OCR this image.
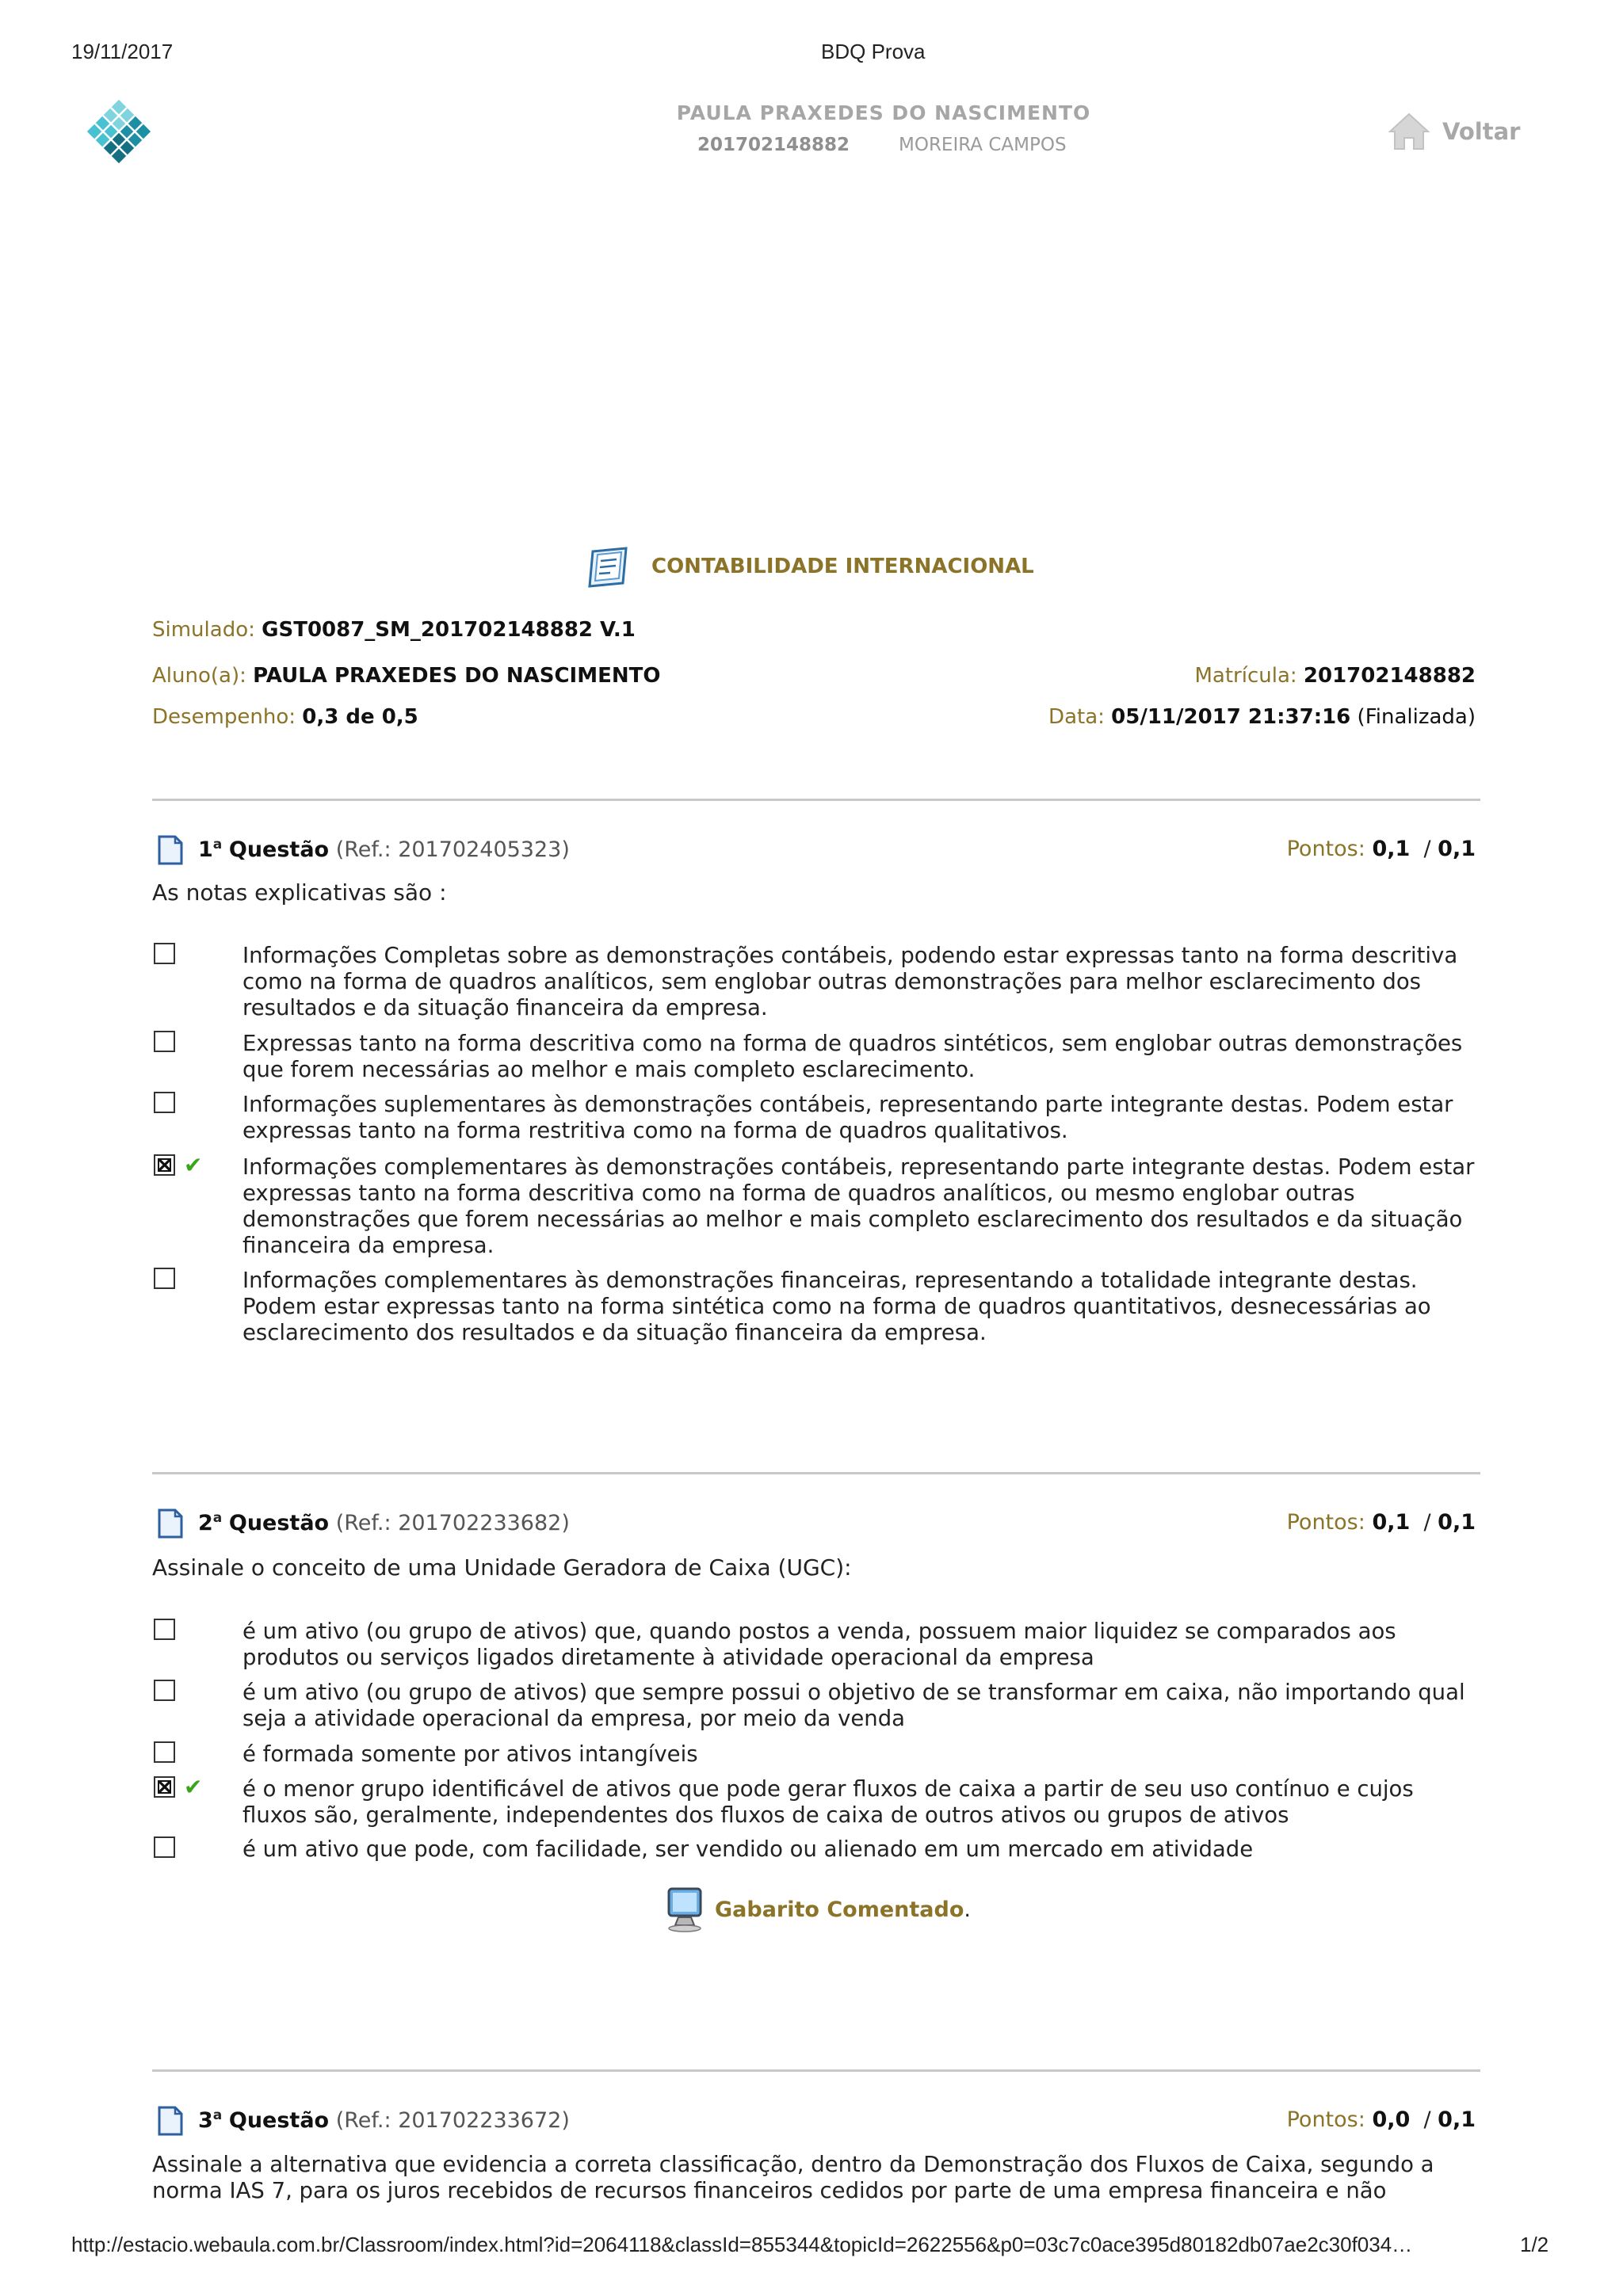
19/11/2017	BDQ Prova
PAULA PRAXEDES DO NASCIMENTO
201702148882	MOREIRA CAMPOS	Voltar
CONTABILIDADE INTERNACIONAL
Simulado: GST0087_SM_201702148882 V.1
Aluno(a): PAULA PRAXEDES DO NASCIMENTO	Matrícula: 201702148882
Desempenho: 0,3 de 0,5	Data: 05/11/2017 21:37:16 (Finalizada)
1$^a$ Questão (Ref.: 201702405323)	Pontos: 0,1 / 0,1
As notas explicativas são :
Informações Completas sobre as demonstrações contábeis, podendo estar expressas tanto na forma descritiva como na forma de quadros analíticos, sem englobar outras demonstrações para melhor esclarecimento dos resultados e da situação financeira da empresa.
Expressas tanto na forma descritiva como na forma de quadros sintéticos, sem englobar outras demonstrações que forem necessárias ao melhor e mais completo esclarecimento.
Informações suplementares às demonstrações contábeis, representando parte integrante destas. Podem estar expressas tanto na forma restritiva como na forma de quadros qualitativos.
×
✔ Informações complementares às demonstrações contábeis, representando parte integrante destas. Podem estar expressas tanto na forma descritiva como na forma de quadros analíticos, ou mesmo englobar outras demonstrações que forem necessárias ao melhor e mais completo esclarecimento dos resultados e da situação financeira da empresa.
Informações complementares às demonstrações financeiras, representando a totalidade integrante destas. Podem estar expressas tanto na forma sintética como na forma de quadros quantitativos, desnecessárias ao esclarecimento dos resultados e da situação financeira da empresa.
2$^a$ Questão (Ref.: 201702233682)	Pontos: 0,1 / 0,1
Assinale o conceito de uma Unidade Geradora de Caixa (UGC):
é um ativo (ou grupo de ativos) que, quando postos a venda, possuem maior liquidez se comparados aos produtos ou serviços ligados diretamente à atividade operacional da empresa
é um ativo (ou grupo de ativos) que sempre possui o objetivo de se transformar em caixa, não importando qual seja a atividade operacional da empresa, por meio da venda
é formada somente por ativos intangíveis
×
✔ é o menor grupo identificável de ativos que pode gerar fluxos de caixa a partir de seu uso contínuo e cujos fluxos são, geralmente, independentes dos fluxos de caixa de outros ativos ou grupos de ativos
é um ativo que pode, com facilidade, ser vendido ou alienado em um mercado em atividade
Gabarito Comentado.
3$^a$ Questão (Ref.: 201702233672)	Pontos: 0,0 / 0,1
Assinale a alternativa que evidencia a correta classificação, dentro da Demonstração dos Fluxos de Caixa, segundo a norma IAS 7, para os juros recebidos de recursos financeiros cedidos por parte de uma empresa financeira e não
http://estacio.webaula.com.br/Classroom/index.html?id=2064118&classId=855344&topicId=2622556&p0=03c7c0ace395d80182db07ae2c30f034…	1/2
